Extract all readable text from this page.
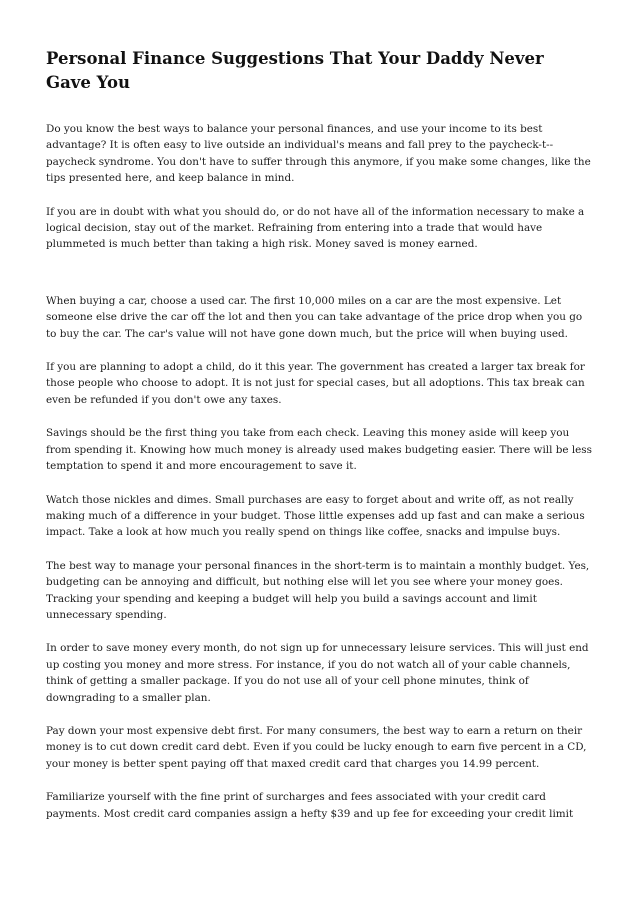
Personal Finance Suggestions That Your Daddy Never Gave You

Do you know the best ways to balance your personal finances, and use your income to its best advantage? It is often easy to live outside an individual's means and fall prey to the paycheck-t--paycheck syndrome. You don't have to suffer through this anymore, if you make some changes, like the tips presented here, and keep balance in mind.

If you are in doubt with what you should do, or do not have all of the information necessary to make a logical decision, stay out of the market. Refraining from entering into a trade that would have plummeted is much better than taking a high risk. Money saved is money earned.

When buying a car, choose a used car. The first 10,000 miles on a car are the most expensive. Let someone else drive the car off the lot and then you can take advantage of the price drop when you go to buy the car. The car's value will not have gone down much, but the price will when buying used.

If you are planning to adopt a child, do it this year. The government has created a larger tax break for those people who choose to adopt. It is not just for special cases, but all adoptions. This tax break can even be refunded if you don't owe any taxes.

Savings should be the first thing you take from each check. Leaving this money aside will keep you from spending it. Knowing how much money is already used makes budgeting easier. There will be less temptation to spend it and more encouragement to save it.

Watch those nickles and dimes. Small purchases are easy to forget about and write off, as not really making much of a difference in your budget. Those little expenses add up fast and can make a serious impact. Take a look at how much you really spend on things like coffee, snacks and impulse buys.

The best way to manage your personal finances in the short-term is to maintain a monthly budget. Yes, budgeting can be annoying and difficult, but nothing else will let you see where your money goes. Tracking your spending and keeping a budget will help you build a savings account and limit unnecessary spending.

In order to save money every month, do not sign up for unnecessary leisure services. This will just end up costing you money and more stress. For instance, if you do not watch all of your cable channels, think of getting a smaller package. If you do not use all of your cell phone minutes, think of downgrading to a smaller plan.

Pay down your most expensive debt first. For many consumers, the best way to earn a return on their money is to cut down credit card debt. Even if you could be lucky enough to earn five percent in a CD, your money is better spent paying off that maxed credit card that charges you 14.99 percent.

Familiarize yourself with the fine print of surcharges and fees associated with your credit card payments. Most credit card companies assign a hefty $39 and up fee for exceeding your credit limit
